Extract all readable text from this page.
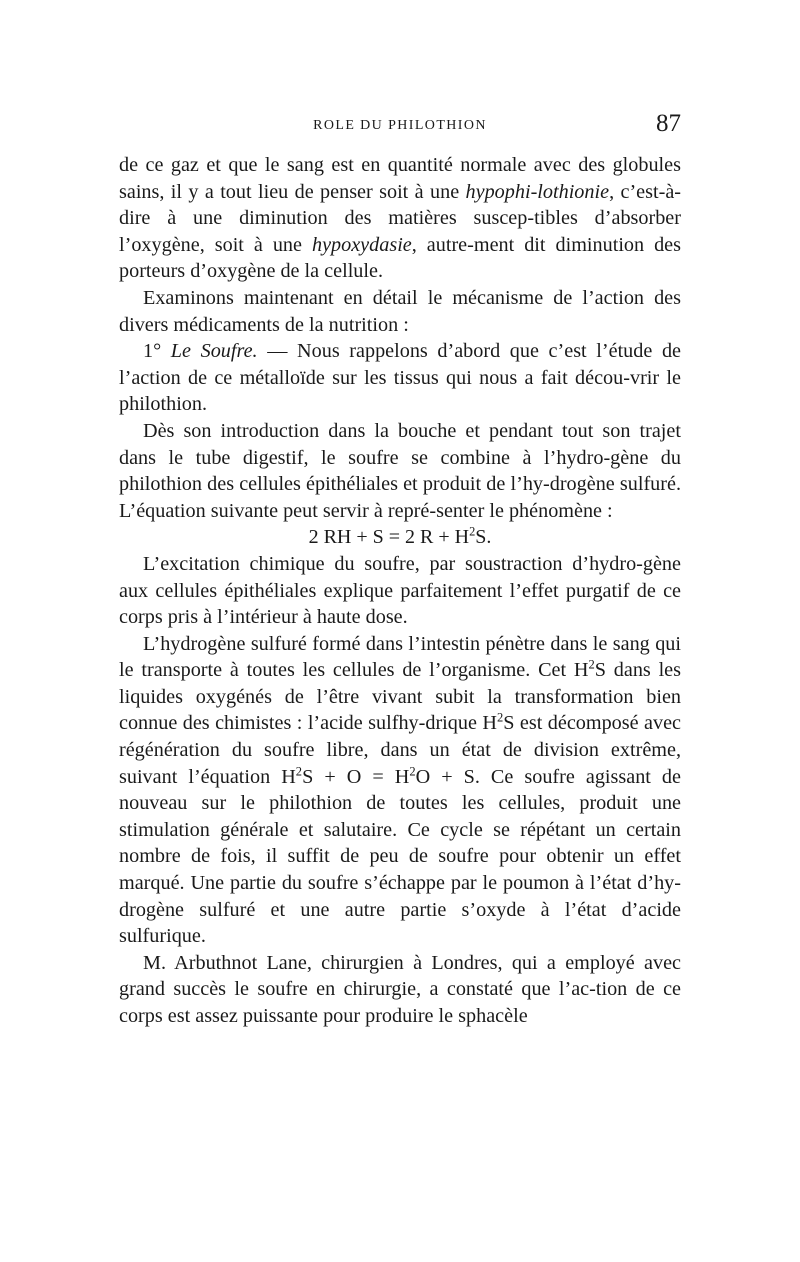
ROLE DU PHILOTHION	87

de ce gaz et que le sang est en quantité normale avec des globules sains, il y a tout lieu de penser soit à une hypophi-lothionie, c’est-à-dire à une diminution des matières suscep-tibles d’absorber l’oxygène, soit à une hypoxydasie, autre-ment dit diminution des porteurs d’oxygène de la cellule.

Examinons maintenant en détail le mécanisme de l’action des divers médicaments de la nutrition :

1° Le Soufre. — Nous rappelons d’abord que c’est l’étude de l’action de ce métalloïde sur les tissus qui nous a fait décou-vrir le philothion.

Dès son introduction dans la bouche et pendant tout son trajet dans le tube digestif, le soufre se combine à l’hydro-gène du philothion des cellules épithéliales et produit de l’hy-drogène sulfuré. L’équation suivante peut servir à repré-senter le phénomène :

2 RH + S = 2 $R + H^2S$.

L’excitation chimique du soufre, par soustraction d’hydro-gène aux cellules épithéliales explique parfaitement l’effet purgatif de ce corps pris à l’intérieur à haute dose.

L’hydrogène sulfuré formé dans l’intestin pénètre dans le sang qui le transporte à toutes les cellules de l’organisme. Cet $H^2S$ dans les liquides oxygénés de l’être vivant subit la transformation bien connue des chimistes : l’acide sulfhy-drique $H^2S$ est décomposé avec régénération du soufre libre, dans un état de division extrême, suivant l’équation $H^2S + O = H^2O + S$. Ce soufre agissant de nouveau sur le philothion de toutes les cellules, produit une stimulation générale et salutaire. Ce cycle se répétant un certain nombre de fois, il suffit de peu de soufre pour obtenir un effet marqué. Une partie du soufre s’échappe par le poumon à l’état d’hy-drogène sulfuré et une autre partie s’oxyde à l’état d’acide sulfurique.

M. Arbuthnot Lane, chirurgien à Londres, qui a employé avec grand succès le soufre en chirurgie, a constaté que l’ac-tion de ce corps est assez puissante pour produire le sphacèle
